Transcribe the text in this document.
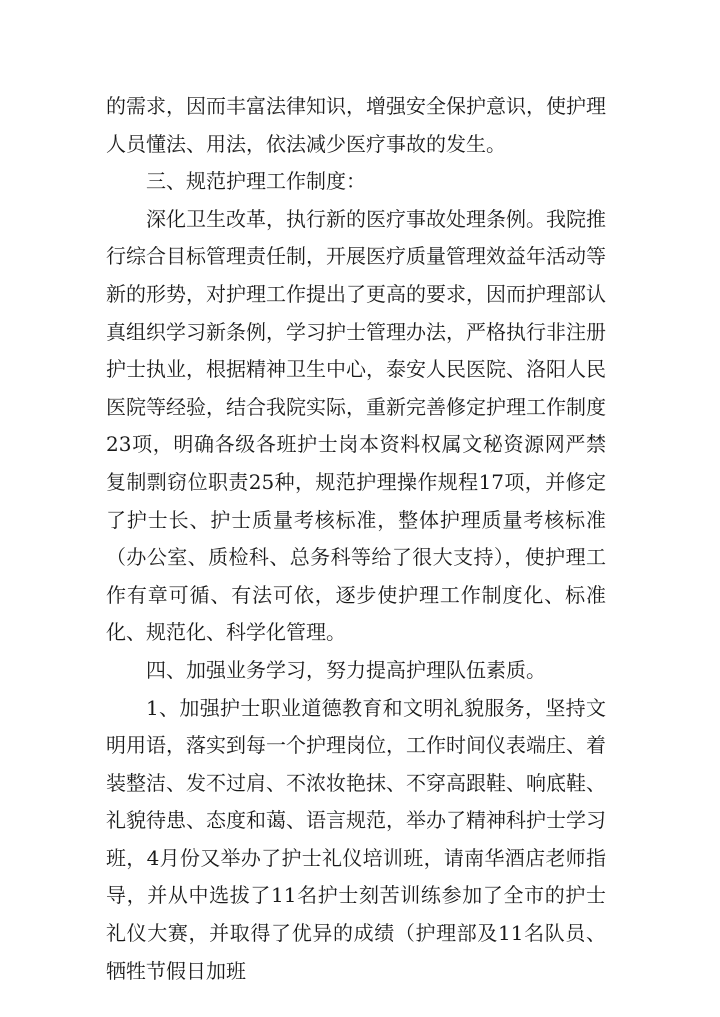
的需求，因而丰富法律知识，增强安全保护意识，使护理人员懂法、用法，依法减少医疗事故的发生。

三、规范护理工作制度：

深化卫生改革，执行新的医疗事故处理条例。我院推行综合目标管理责任制，开展医疗质量管理效益年活动等新的形势，对护理工作提出了更高的要求，因而护理部认真组织学习新条例，学习护士管理办法，严格执行非注册护士执业，根据精神卫生中心，泰安人民医院、洛阳人民医院等经验，结合我院实际，重新完善修定护理工作制度23项，明确各级各班护士岗本资料权属文秘资源网严禁复制剽窃位职责25种，规范护理操作规程17项，并修定了护士长、护士质量考核标准，整体护理质量考核标准（办公室、质检科、总务科等给了很大支持），使护理工作有章可循、有法可依，逐步使护理工作制度化、标准化、规范化、科学化管理。

四、加强业务学习，努力提高护理队伍素质。

1、加强护士职业道德教育和文明礼貌服务，坚持文明用语，落实到每一个护理岗位，工作时间仪表端庄、着装整洁、发不过肩、不浓妆艳抹、不穿高跟鞋、响底鞋、礼貌待患、态度和蔼、语言规范，举办了精神科护士学习班，4月份又举办了护士礼仪培训班，请南华酒店老师指导，并从中选拔了11名护士刻苦训练参加了全市的护士礼仪大赛，并取得了优异的成绩（护理部及11名队员、牺牲节假日加班
